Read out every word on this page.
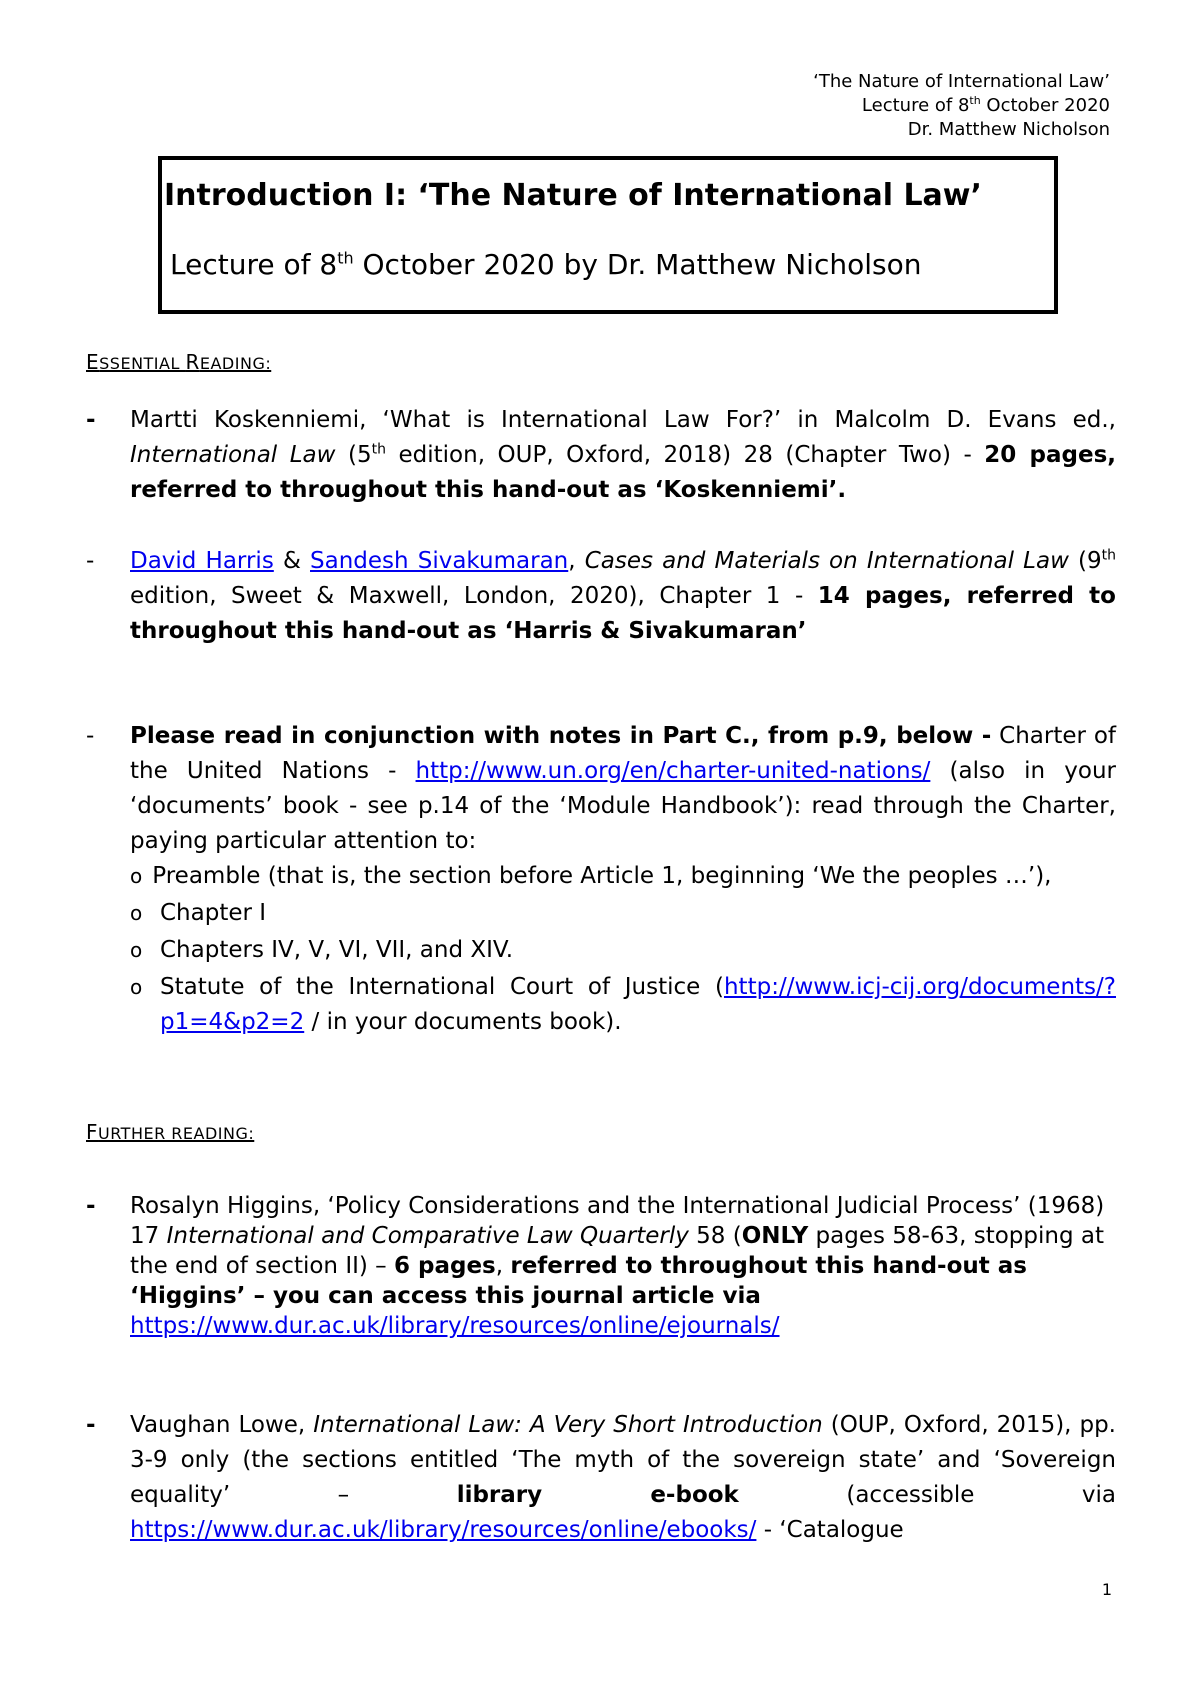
‘The Nature of International Law’
Lecture of 8th October 2020
Dr. Matthew Nicholson
Introduction I: ‘The Nature of International Law’
Lecture of 8th October 2020 by Dr. Matthew Nicholson
ESSENTIAL READING:
- Martti Koskenniemi, ‘What is International Law For?’ in Malcolm D. Evans ed., International Law (5th edition, OUP, Oxford, 2018) 28 (Chapter Two) - 20 pages, referred to throughout this hand-out as ‘Koskenniemi’.
- David Harris & Sandesh Sivakumaran, Cases and Materials on International Law (9th edition, Sweet & Maxwell, London, 2020), Chapter 1 - 14 pages, referred to throughout this hand-out as ‘Harris & Sivakumaran’
- Please read in conjunction with notes in Part C., from p.9, below - Charter of the United Nations - http://www.un.org/en/charter-united-nations/ (also in your ‘documents’ book - see p.14 of the ‘Module Handbook’): read through the Charter, paying particular attention to:
o Preamble (that is, the section before Article 1, beginning ‘We the peoples …’),
o Chapter I
o Chapters IV, V, VI, VII, and XIV.
o Statute of the International Court of Justice (http://www.icj-cij.org/documents/?p1=4&p2=2 / in your documents book).
FURTHER READING:
- Rosalyn Higgins, ‘Policy Considerations and the International Judicial Process’ (1968) 17 International and Comparative Law Quarterly 58 (ONLY pages 58-63, stopping at the end of section II) – 6 pages, referred to throughout this hand-out as ‘Higgins’ – you can access this journal article via
https://www.dur.ac.uk/library/resources/online/ejournals/
- Vaughan Lowe, International Law: A Very Short Introduction (OUP, Oxford, 2015), pp. 3-9 only (the sections entitled ‘The myth of the sovereign state’ and ‘Sovereign equality’ – library e-book (accessible via https://www.dur.ac.uk/library/resources/online/ebooks/ - ‘Catalogue
1
